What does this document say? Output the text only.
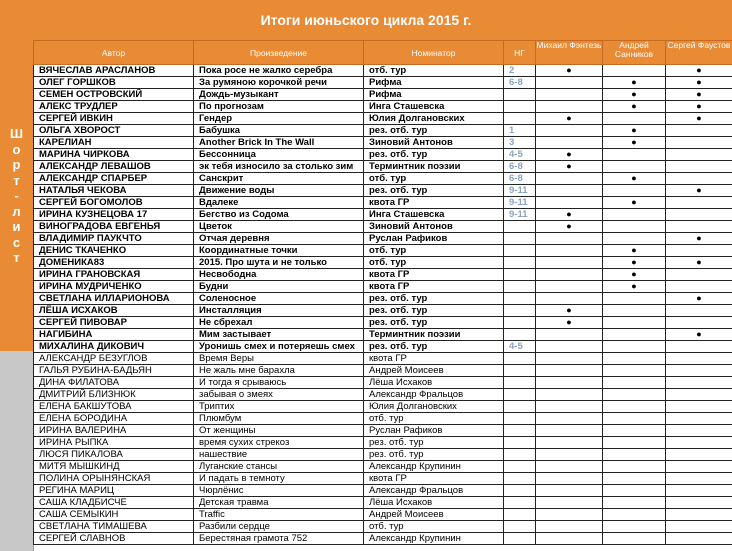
Итоги июньского цикла 2015 г.
Ш
о
р
т
-
л
и
с
т
Автор	Произведение	Номинатор	НГ	Михаил Фэнтезь	Андрей Санников	Сергей Фаустов
ВЯЧЕСЛАВ АРАСЛАНОВ	Пока росе не жалко серебра	отб. тур	2	●		●
ОЛЕГ ГОРШКОВ	За румяною корочкой речи	Рифма	6-8		●	●
СЕМЕН ОСТРОВСКИЙ	Дождь-музыкант	Рифма			●	●
АЛЕКС ТРУДЛЕР	По прогнозам	Инга Сташевска			●	●
СЕРГЕЙ ИВКИН	Гендер	Юлия Долгановских		●		●
ОЛЬГА ХВОРОСТ	Бабушка	рез. отб. тур	1		●	
КАРЕЛИАН	Another Brick In The Wall	Зиновий Антонов	3		●	
МАРИНА ЧИРКОВА	Бессонница	рез. отб. тур	4-5	●		
АЛЕКСАНДР ЛЕВАШОВ	эк тебя износило за столько зим	Терминтник поэзии	6-8	●		
АЛЕКСАНДР СПАРБЕР	Санскрит	отб. тур	6-8		●	
НАТАЛЬЯ ЧЕКОВА	Движение воды	рез. отб. тур	9-11			●
СЕРГЕЙ БОГОМОЛОВ	Вдалеке	квота ГР	9-11		●	
ИРИНА КУЗНЕЦОВА 17	Бегство из Содома	Инга Сташевска	9-11	●		
ВИНОГРАДОВА ЕВГЕНЬЯ	Цветок	Зиновий Антонов		●		
ВЛАДИМИР ПАУКЧТО	Отчая деревня	Руслан Рафиков				●
ДЕНИС ТКАЧЕНКО	Координатные точки	отб. тур			●	
ДОМЕНИКА83	2015. Про шута и не только	отб. тур			●	●
ИРИНА ГРАНОВСКАЯ	Несвободна	квота ГР			●	
ИРИНА МУДРИЧЕНКО	Будни	квота ГР			●	
СВЕТЛАНА ИЛЛАРИОНОВА	Соленосное	рез. отб. тур				●
ЛЁША ИСХАКОВ	Инсталляция	рез. отб. тур		●		
СЕРГЕЙ ПИВОВАР	Не сбрехал	рез. отб. тур		●		
НАГИБИНА	Мим застывает	Терминтник поэзии				●
МИХАЛИНА ДИКОВИЧ	Уронишь смех и потеряешь смех	рез. отб. тур	4-5			
АЛЕКСАНДР БЕЗУГЛОВ	Время Веры	квота ГР				
ГАЛЬЯ РУБИНА-БАДЬЯН	Не жаль мне барахла	Андрей Моисеев				
ДИНА ФИЛАТОВА	И тогда я срываюсь	Лёша Исхаков				
ДМИТРИЙ БЛИЗНЮК	забывая о змеях	Александр Фральцов				
ЕЛЕНА БАКШУТОВА	Триптих	Юлия Долгановских				
ЕЛЕНА БОРОДИНА	Плюмбум	отб. тур				
ИРИНА ВАЛЕРИНА	От женщины	Руслан Рафиков				
ИРИНА РЫПКА	время сухих стрекоз	рез. отб. тур				
ЛЮСЯ ПИКАЛОВА	нашествие	рез. отб. тур				
МИТЯ МЫШКИНД	Луганские стансы	Александр Крупинин				
ПОЛИНА ОРЫНЯНСКАЯ	И падать в темноту	квота ГР				
РЕГИНА МАРИЦ	Чюрлёнис	Александр Фральцов				
САША КЛАДБИСЧЕ	Детская травма	Лёша Исхаков				
САША СЕМЫКИН	Traffic	Андрей Моисеев				
СВЕТЛАНА ТИМАШЕВА	Разбили сердце	отб. тур				
СЕРГЕЙ СЛАВНОВ	Берестяная грамота 752	Александр Крупинин				
